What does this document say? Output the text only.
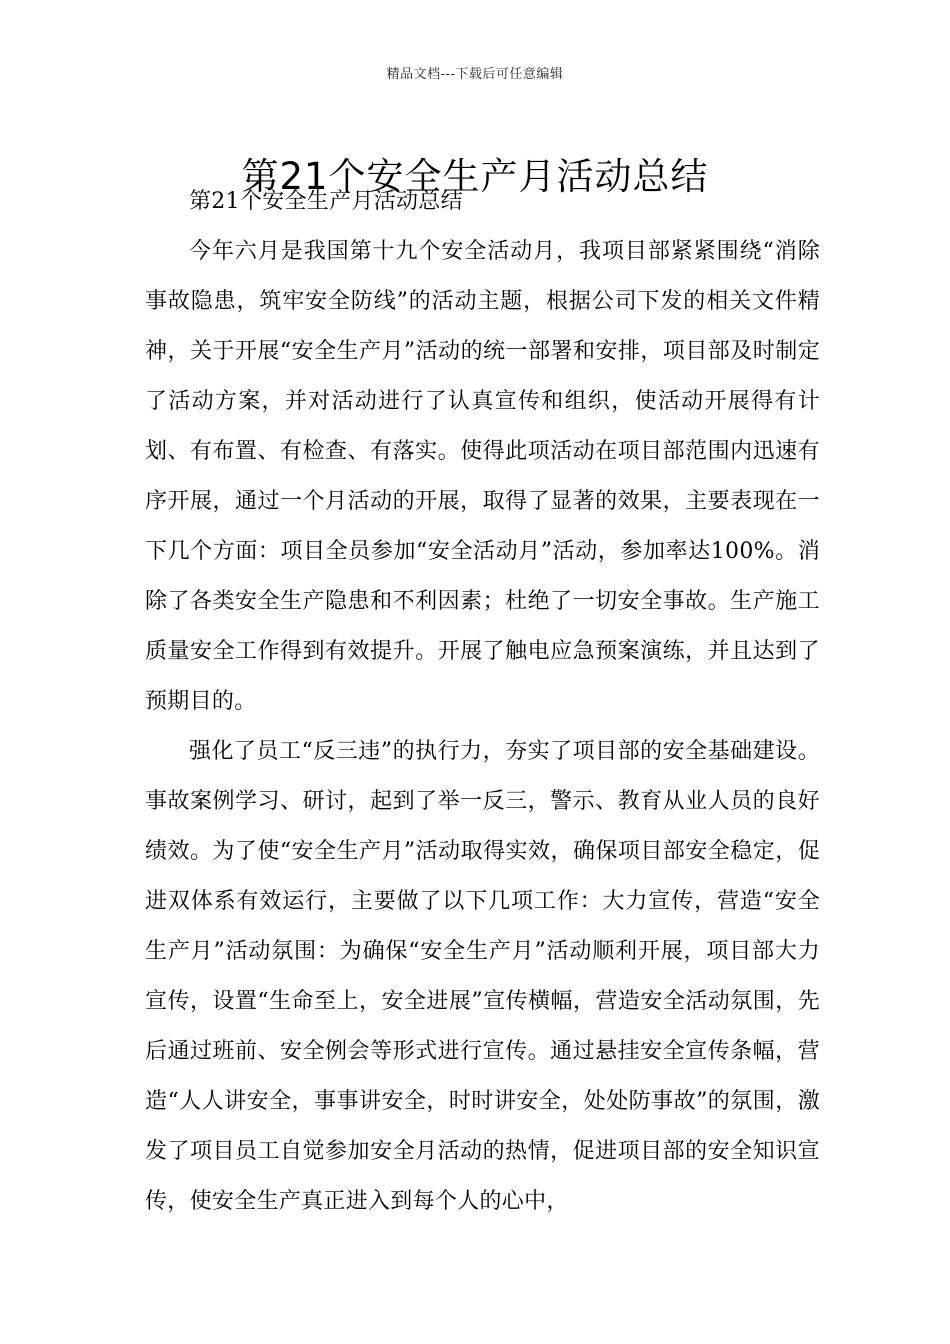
精品文档---下载后可任意编辑
第21个安全生产月活动总结

第21个安全生产月活动总结

今年六月是我国第十九个安全活动月，我项目部紧紧围绕“消除事故隐患，筑牢安全防线”的活动主题，根据公司下发的相关文件精神，关于开展“安全生产月”活动的统一部署和安排，项目部及时制定了活动方案，并对活动进行了认真宣传和组织，使活动开展得有计划、有布置、有检查、有落实。使得此项活动在项目部范围内迅速有序开展，通过一个月活动的开展，取得了显著的效果，主要表现在一下几个方面：项目全员参加“安全活动月”活动，参加率达100%。消除了各类安全生产隐患和不利因素；杜绝了一切安全事故。生产施工质量安全工作得到有效提升。开展了触电应急预案演练，并且达到了预期目的。

强化了员工“反三违”的执行力，夯实了项目部的安全基础建设。事故案例学习、研讨，起到了举一反三，警示、教育从业人员的良好绩效。为了使“安全生产月”活动取得实效，确保项目部安全稳定，促进双体系有效运行，主要做了以下几项工作：大力宣传，营造“安全生产月”活动氛围：为确保“安全生产月”活动顺利开展，项目部大力宣传，设置“生命至上，安全进展”宣传横幅，营造安全活动氛围，先后通过班前、安全例会等形式进行宣传。通过悬挂安全宣传条幅，营造“人人讲安全，事事讲安全，时时讲安全，处处防事故”的氛围，激发了项目员工自觉参加安全月活动的热情，促进项目部的安全知识宣传，使安全生产真正进入到每个人的心中，
